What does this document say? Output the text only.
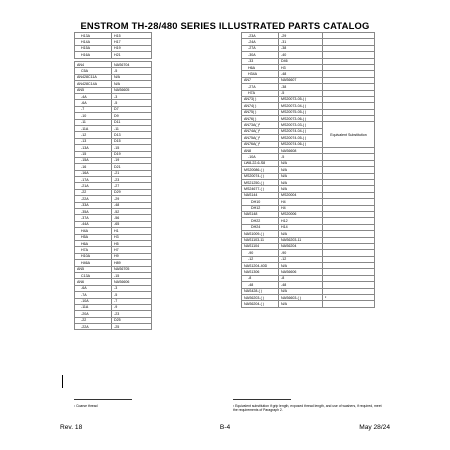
ENSTROM TH-28/480 SERIES ILLUSTRATED PARTS CATALOG
H13A	H15
H14A	H17
H15A	H19
H16A	H21

AN4	NAS6704
C5A	-5
AN428C11A	N/A
AN428C14A	N/A
AN5	NAS6605
-4A	-3
-6A	-5
-7	D7
-10	D9
-11	D11
-11A	-11
-12	D13
-13	D15
-13A	-15
-15	D19
-15A	-19
-16	D21
-16A	-21
-17A	-23
-21A	-27
-22	D29
-22A	-29
-33A	-48
-35A	-52
-37A	-56
-44A	-65
H4A	H1
H5A	H3
H6A	H5
H7A	H7
H10A	H9
H46A	H89
AN5	NAS6705
C13A	-15
AN6	NAS6606
-6A	-3
-7A	-5
-10A	-7
-11A	-9
-20A	-23
-22	D25
-22A	-25
-23A	-29	
-24A	-31	
-27A	-38	
-30A	-40	
-33	D46	
H6A	H3	
H34A	-48	
AN7	NAS6607	
-27A	-38	
H7A	-5	
AN73( )	MS20073-05-( )	
AN74( )	MS20073-04-( )	
AN75( )	MS20075-05-( )	
AN76( )	MS20073-06-( )	
AN73A( )¹	MS20073-03-( )	Equivalent Substitution
AN74A( )¹	MS20074-04-( )	
AN75A( )¹	MS20074-05-( )	
AN76A( )¹	MS20074-06-( )	
AN8	NAS6608	
-10A	-5	
LW8-22-6-S8	N/A	
MS20086-( )	N/A	
MS20074-( )	N/A	
MS21250-( )	N/A	
MS24677-( )	N/A	
NAS144	MS20004	
DH10	H4	
DH12	H4	
NAS148	MS20006	
DH22	H12	
DH24	H14	
NAS1009-( )	N/A	
NAS1103-11	NAS6203-11	
NAS1104	NAS6204	
-90	-90	
-12	-12	
NAS1204-40D	N/A	
NAS1306	NAS6606	
-8	-8	
-48	-48	
NAS428-( )	N/A	
NAS6203-( )	NAS6603-( )	²
NAS6204-( )	N/A	
¹ Coarse thread	² Equivalent substitution if grip length, exposed thread length, and use of washers, if required, meet the requirements of Paragraph 2.
Rev. 18	B-4	May 28/24
